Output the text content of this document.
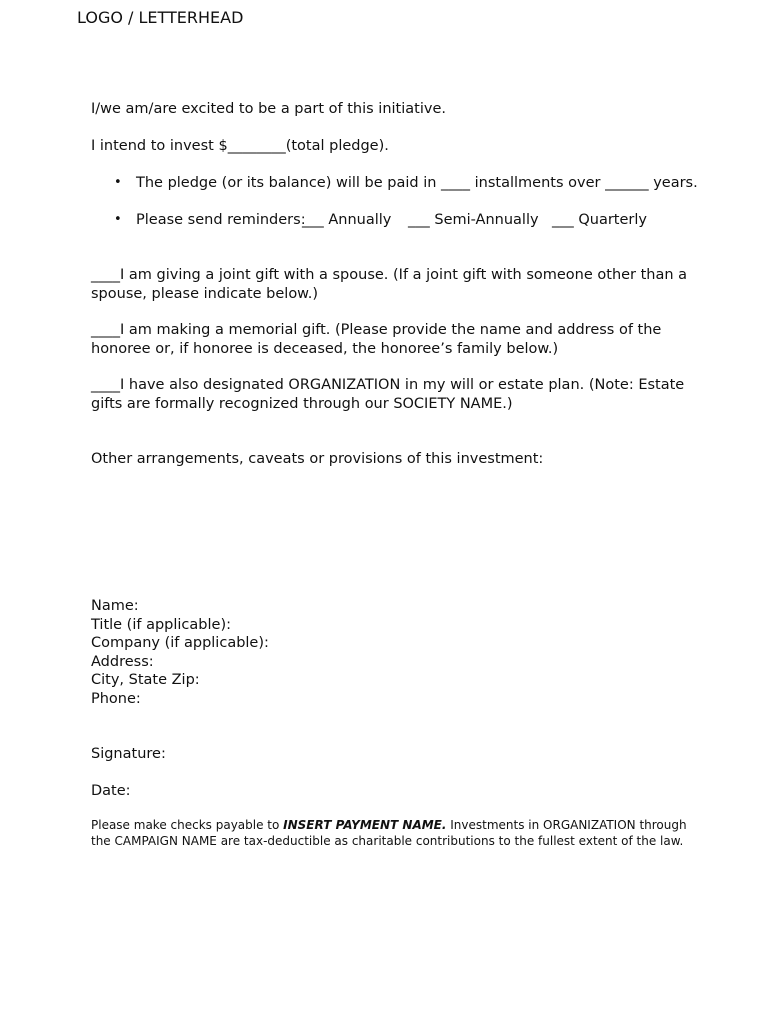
LOGO / LETTERHEAD
I/we am/are excited to be a part of this initiative.
I intend to invest $________(total pledge).
• The pledge (or its balance) will be paid in ____ installments over ______ years.
• Please send reminders:
___ Annually ___ Semi-Annually ___ Quarterly
____I am giving a joint gift with a spouse. (If a joint gift with someone other than a spouse, please indicate below.)
____I am making a memorial gift. (Please provide the name and address of the honoree or, if honoree is deceased, the honoree’s family below.)
____I have also designated ORGANIZATION in my will or estate plan. (Note: Estate gifts are formally recognized through our SOCIETY NAME.)
Other arrangements, caveats or provisions of this investment:
Name:
Title (if applicable):
Company (if applicable):
Address:
City, State Zip:
Phone:
Signature:
Date:
Please make checks payable to INSERT PAYMENT NAME. Investments in ORGANIZATION through the CAMPAIGN NAME are tax-deductible as charitable contributions to the fullest extent of the law.
